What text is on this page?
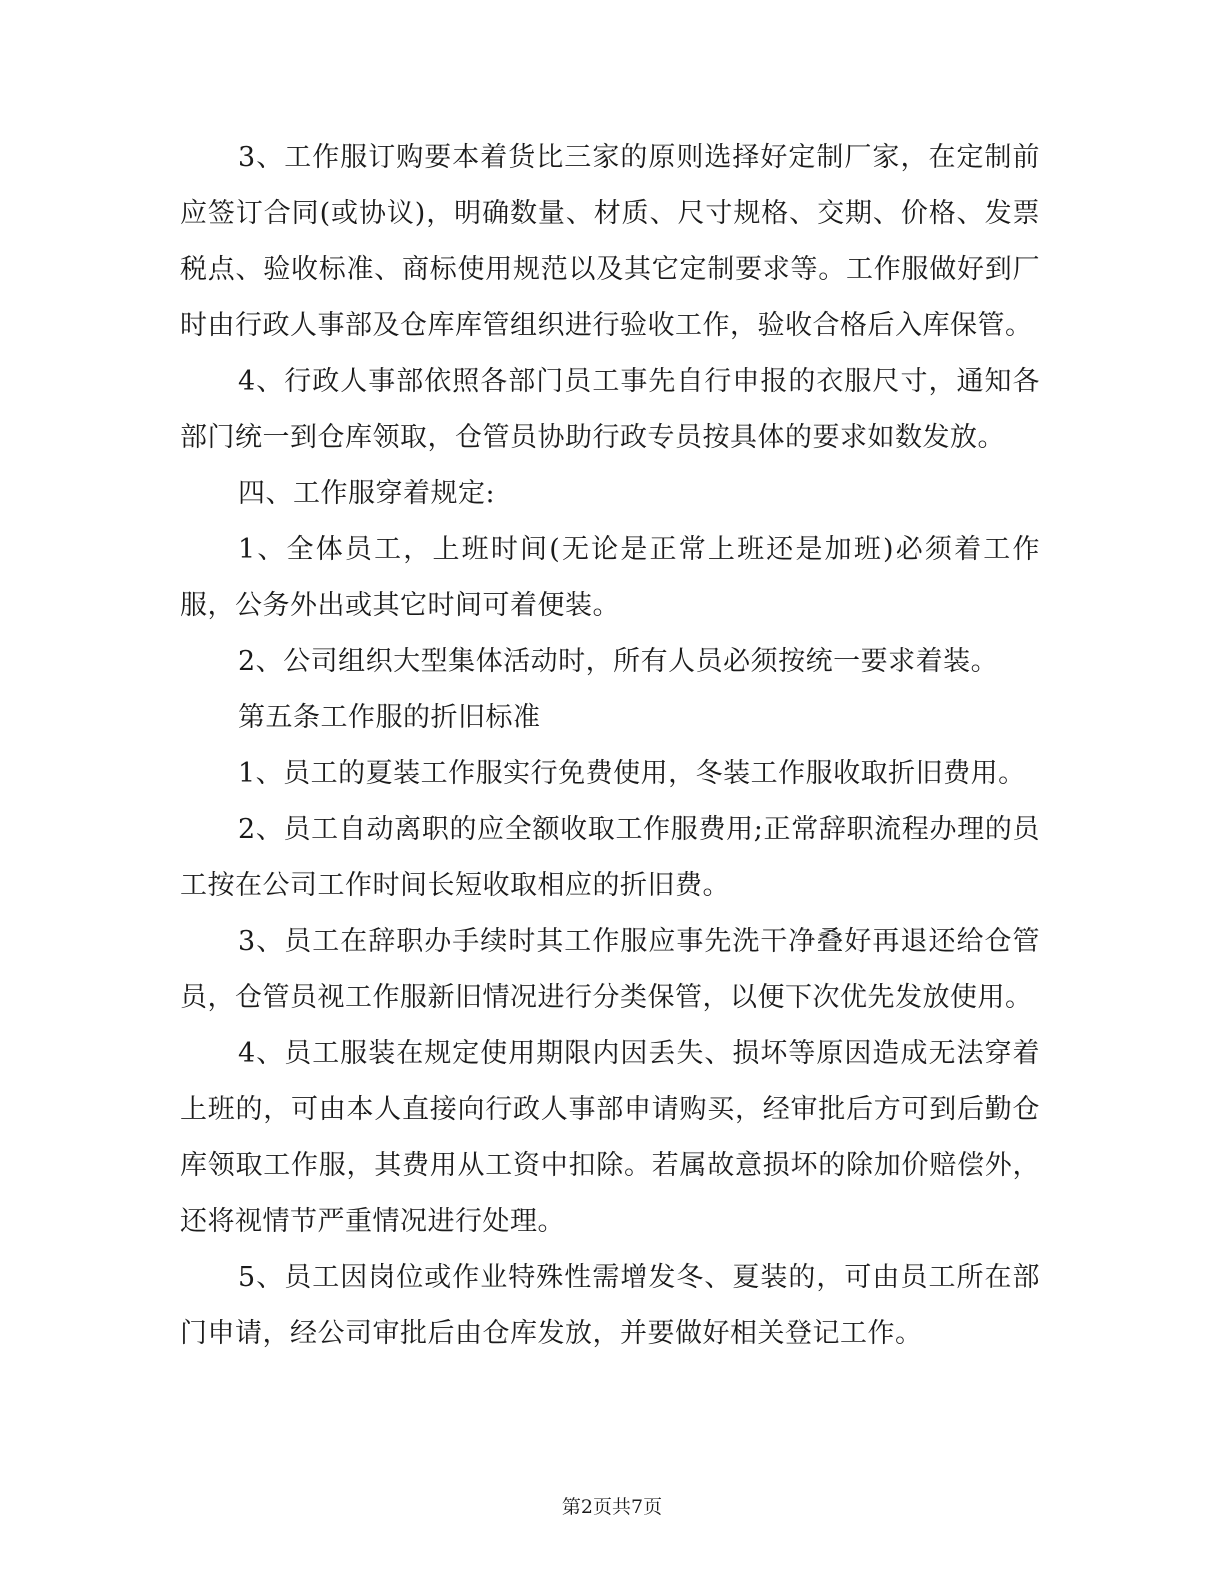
3、工作服订购要本着货比三家的原则选择好定制厂家，在定制前应签订合同(或协议)，明确数量、材质、尺寸规格、交期、价格、发票税点、验收标准、商标使用规范以及其它定制要求等。工作服做好到厂时由行政人事部及仓库库管组织进行验收工作，验收合格后入库保管。

4、行政人事部依照各部门员工事先自行申报的衣服尺寸，通知各部门统一到仓库领取，仓管员协助行政专员按具体的要求如数发放。

四、工作服穿着规定:

1、全体员工，上班时间(无论是正常上班还是加班)必须着工作服，公务外出或其它时间可着便装。

2、公司组织大型集体活动时，所有人员必须按统一要求着装。

第五条工作服的折旧标准

1、员工的夏装工作服实行免费使用，冬装工作服收取折旧费用。

2、员工自动离职的应全额收取工作服费用;正常辞职流程办理的员工按在公司工作时间长短收取相应的折旧费。

3、员工在辞职办手续时其工作服应事先洗干净叠好再退还给仓管员，仓管员视工作服新旧情况进行分类保管，以便下次优先发放使用。

4、员工服装在规定使用期限内因丢失、损坏等原因造成无法穿着上班的，可由本人直接向行政人事部申请购买，经审批后方可到后勤仓库领取工作服，其费用从工资中扣除。若属故意损坏的除加价赔偿外，还将视情节严重情况进行处理。

5、员工因岗位或作业特殊性需增发冬、夏装的，可由员工所在部门申请，经公司审批后由仓库发放，并要做好相关登记工作。

第2页共7页
